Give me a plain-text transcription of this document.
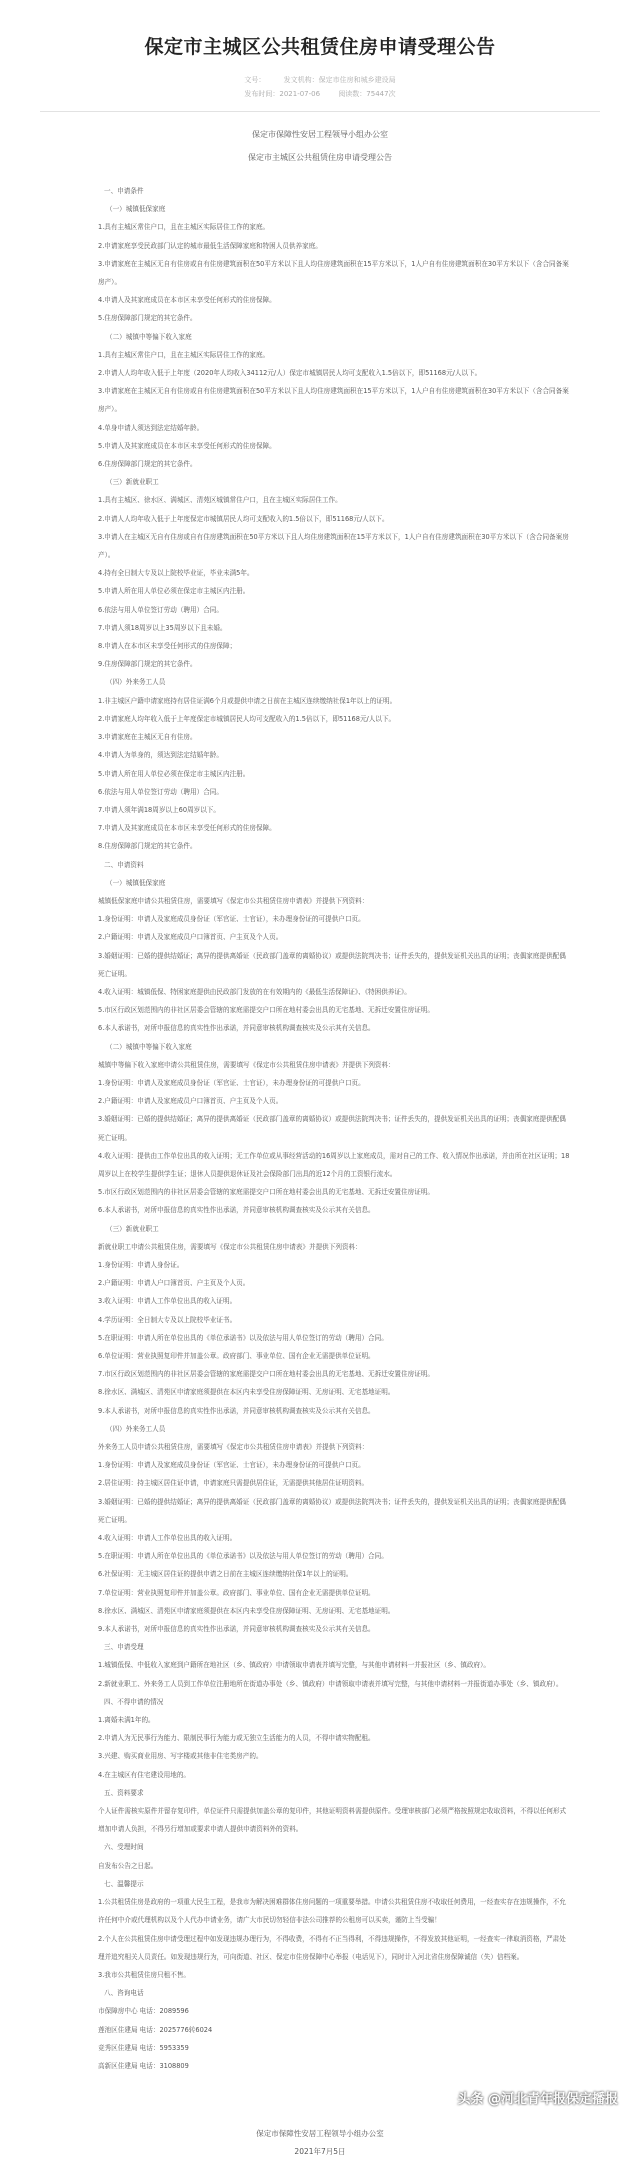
保定市主城区公共租赁住房申请受理公告
文号：	发文机构：保定市住房和城乡建设局
发布时间：2021-07-06	阅读数：75447次
保定市保障性安居工程领导小组办公室
保定市主城区公共租赁住房申请受理公告

一、申请条件

（一）城镇低保家庭

1.具有主城区常住户口，且在主城区实际居住工作的家庭。

2.申请家庭享受民政部门认定的城市最低生活保障家庭和特困人员供养家庭。

3.申请家庭在主城区无自有住房或自有住房建筑面积在50平方米以下且人均住房建筑面积在15平方米以下，1人户自有住房建筑面积在30平方米以下（含合同备案房产）。

4.申请人及其家庭成员在本市区未享受任何形式的住房保障。

5.住房保障部门规定的其它条件。

（二）城镇中等偏下收入家庭

1.具有主城区常住户口，且在主城区实际居住工作的家庭。

2.申请人人均年收入低于上年度（2020年人均收入34112元/人）保定市城镇居民人均可支配收入1.5倍以下，即51168元/人以下。

3.申请家庭在主城区无自有住房或自有住房建筑面积在50平方米以下且人均住房建筑面积在15平方米以下，1人户自有住房建筑面积在30平方米以下（含合同备案房产）。

4.单身申请人须达到法定结婚年龄。

5.申请人及其家庭成员在本市区未享受任何形式的住房保障。

6.住房保障部门规定的其它条件。

（三）新就业职工

1.具有主城区、徐水区、满城区、清苑区城镇常住户口，且在主城区实际居住工作。

2.申请人人均年收入低于上年度保定市城镇居民人均可支配收入的1.5倍以下，即51168元/人以下。

3.申请人在主城区无自有住房或自有住房建筑面积在50平方米以下且人均住房建筑面积在15平方米以下，1人户自有住房建筑面积在30平方米以下（含合同备案房产）。

4.持有全日制大专及以上院校毕业证，毕业未满5年。

5.申请人所在用人单位必须在保定市主城区内注册。

6.依法与用人单位签订劳动（聘用）合同。

7.申请人须18周岁以上35周岁以下且未婚。

8.申请人在本市区未享受任何形式的住房保障；

9.住房保障部门规定的其它条件。

（四）外来务工人员

1.非主城区户籍申请家庭持有居住证满6个月或提供申请之日前在主城区连续缴纳社保1年以上的证明。

2.申请家庭人均年收入低于上年度保定市城镇居民人均可支配收入的1.5倍以下，即51168元/人以下。

3.申请家庭在主城区无自有住房。

4.申请人为单身的，须达到法定结婚年龄。

5.申请人所在用人单位必须在保定市主城区内注册。

6.依法与用人单位签订劳动（聘用）合同。

7.申请人须年满18周岁以上60周岁以下。

7.申请人及其家庭成员在本市区未享受任何形式的住房保障。

8.住房保障部门规定的其它条件。

二、申请资料

（一）城镇低保家庭

城镇低保家庭申请公共租赁住房，需要填写《保定市公共租赁住房申请表》并提供下列资料：

1.身份证明：申请人及家庭成员身份证（军官证、士官证），未办理身份证的可提供户口页。

2.户籍证明：申请人及家庭成员户口簿首页、户主页及个人页。

3.婚姻证明：已婚的提供结婚证；离异的提供离婚证（民政部门盖章的离婚协议）或提供法院判决书；证件丢失的，提供发证机关出具的证明；丧偶家庭提供配偶死亡证明。

4.收入证明：城镇低保、特困家庭提供由民政部门发放的在有效期内的《最低生活保障证》、《特困供养证》。

5.市区行政区划范围内的非社区居委会管辖的家庭需提交户口所在地村委会出具的无宅基地、无拆迁安置住房证明。

6.本人承诺书，对所申报信息的真实性作出承诺，并同意审核机构调查核实及公示其有关信息。

（二）城镇中等偏下收入家庭

城镇中等偏下收入家庭申请公共租赁住房，需要填写《保定市公共租赁住房申请表》并提供下列资料：

1.身份证明：申请人及家庭成员身份证（军官证、士官证），未办理身份证的可提供户口页。

2.户籍证明：申请人及家庭成员户口簿首页、户主页及个人页。

3.婚姻证明：已婚的提供结婚证；离异的提供离婚证（民政部门盖章的离婚协议）或提供法院判决书；证件丢失的，提供发证机关出具的证明；丧偶家庭提供配偶死亡证明。

4.收入证明：提供由工作单位出具的收入证明；无工作单位或从事经营活动的16周岁以上家庭成员，需对自己的工作、收入情况作出承诺，并由所在社区证明；18周岁以上在校学生提供学生证；退休人员提供退休证及社会保险部门出具的近12个月的工资银行流水。

5.市区行政区划范围内的非社区居委会管辖的家庭需提交户口所在地村委会出具的无宅基地、无拆迁安置住房证明。

6.本人承诺书，对所申报信息的真实性作出承诺，并同意审核机构调查核实及公示其有关信息。

（三）新就业职工

新就业职工申请公共租赁住房，需要填写《保定市公共租赁住房申请表》并提供下列资料：

1.身份证明：申请人身份证。

2.户籍证明：申请人户口簿首页、户主页及个人页。

3.收入证明：申请人工作单位出具的收入证明。

4.学历证明：全日制大专及以上院校毕业证书。

5.在职证明：申请人所在单位出具的《单位承诺书》以及依法与用人单位签订的劳动（聘用）合同。

6.单位证明：营业执照复印件并加盖公章。政府部门、事业单位、国有企业无需提供单位证明。

7.市区行政区划范围内的非社区居委会管辖的家庭需提交户口所在地村委会出具的无宅基地、无拆迁安置住房证明。

8.徐水区、满城区、清苑区申请家庭须提供在本区内未享受住房保障证明、无房证明、无宅基地证明。

9.本人承诺书，对所申报信息的真实性作出承诺，并同意审核机构调查核实及公示其有关信息。

（四）外来务工人员

外来务工人员申请公共租赁住房，需要填写《保定市公共租赁住房申请表》并提供下列资料：

1.身份证明：申请人及家庭成员身份证（军官证、士官证），未办理身份证的可提供户口页。

2.居住证明：持主城区居住证申请，申请家庭只需提供居住证，无需提供其他居住证明资料。

3.婚姻证明：已婚的提供结婚证；离异的提供离婚证（民政部门盖章的离婚协议）或提供法院判决书；证件丢失的，提供发证机关出具的证明；丧偶家庭提供配偶死亡证明。

4.收入证明：申请人工作单位出具的收入证明。

5.在职证明：申请人所在单位出具的《单位承诺书》以及依法与用人单位签订的劳动（聘用）合同。

6.社保证明：无主城区居住证的提供申请之日前在主城区连续缴纳社保1年以上的证明。

7.单位证明：营业执照复印件并加盖公章。政府部门、事业单位、国有企业无需提供单位证明。

8.徐水区、满城区、清苑区申请家庭须提供在本区内未享受住房保障证明、无房证明、无宅基地证明。

9.本人承诺书，对所申报信息的真实性作出承诺，并同意审核机构调查核实及公示其有关信息。

三、申请受理

1.城镇低保、中低收入家庭到户籍所在地社区（乡、镇政府）申请领取申请表并填写完整，与其他申请材料一并报社区（乡、镇政府）。

2.新就业职工、外来务工人员到工作单位注册地所在街道办事处（乡、镇政府）申请领取申请表并填写完整，与其他申请材料一并报街道办事处（乡、镇政府）。

四、不得申请的情况

1.离婚未满1年的。

2.申请人为无民事行为能力、限制民事行为能力或无独立生活能力的人员，不得申请实物配租。

3.兴建、购买商业用房、写字楼或其他非住宅类房产的。

4.在主城区有住宅建设用地的。

五、资料要求

个人证件需核实原件并留存复印件，单位证件只需提供加盖公章的复印件，其他证明资料需提供原件。受理审核部门必须严格按照规定收取资料，不得以任何形式增加申请人负担，不得另行增加或要求申请人提供申请资料外的资料。

六、受理时间

自发布公告之日起。

七、温馨提示

1.公共租赁住房是政府的一项重大民生工程，是我市为解决困难群体住房问题的一项重要举措。申请公共租赁住房不收取任何费用，一经查实存在违规操作，不允许任何中介或代理机构以及个人代办申请业务，请广大市民切勿轻信非法公司推荐的公租房可以买卖，谨防上当受骗！

2.个人在公共租赁住房申请受理过程中如发现违规办理行为，不得收费，不得有不正当得利，不得违规操作，不得发放其他证明，一经查实一律取消资格，严肃处理并追究相关人员责任。如发现违规行为，可向街道、社区、保定市住房保障中心举报（电话见下），同时计入河北省住房保障诚信（失）信档案。

3.我市公共租赁住房只租不售。

八、咨询电话

市保障房中心 电话：2089596

莲池区住建局 电话：2025776转6024

竞秀区住建局 电话：5953359

高新区住建局 电话：3108809

保定市保障性安居工程领导小组办公室
2021年7月5日
头条 @河北青年报保定播报
